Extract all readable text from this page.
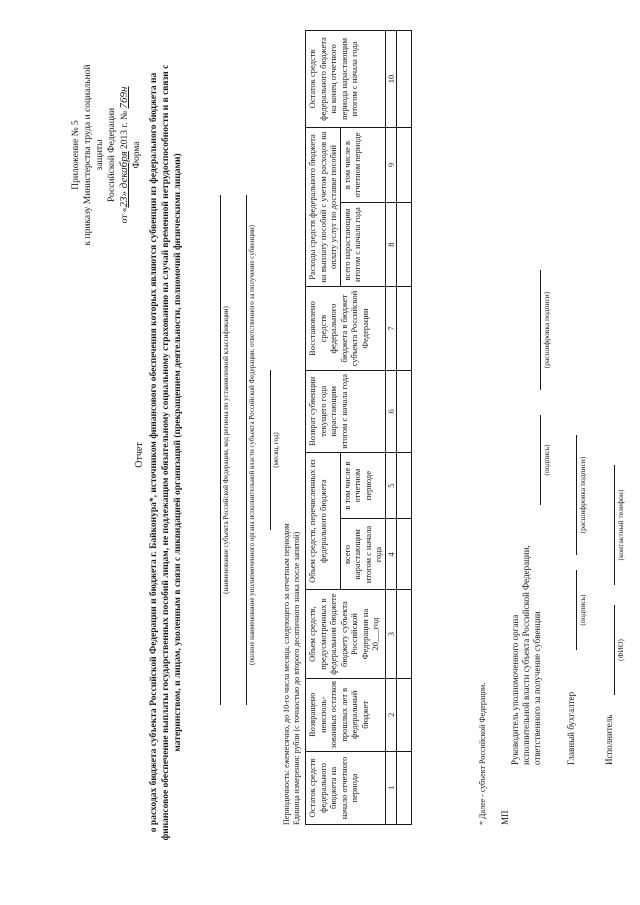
Приложение № 5 к приказу Министерства труда и социальной защиты Российской Федерации
от «23» декабря 2013 г. № 769н
Форма
Отчет о расходах бюджета субъекта Российской Федерации и бюджета г. Байконура*, источником финансового обеспечения которых являются субвенции из федерального бюджета на финансовое обеспечение выплаты государственных пособий лицам, не подлежащим обязательному социальному страхованию на случай временной нетрудоспособности и в связи с материнством, и лицам, уволенным в связи с ликвидацией организаций (прекращением деятельности, полномочий физическими лицами)	(полное наименование уполномоченного органа исполнительной власти субъекта Российской Федерации, ответственного за получение субвенции)
(наименование субъекта Российской Федерации, код региона по установленной классификации)	(месяц, год)
Периодичность: ежемесячно, до 10-го числа месяца, следующего за отчетным периодом Единица измерения: рубли (с точностью до второго десятичного знака после запятой) Остаток средств федерального бюджета на начало отчетного периода	Возвращено неисполь-зованных остатков прошлых лет в федеральный бюджет	Объем средств, предусмотренных в федеральном бюджете бюджету субъекта Российской Федерации на 20___год	Объем средств, перечисленных из федерального бюджета		Возврат субвенции текущего года нарастающим итогом с начала года	Восстановлено средств федерального бюджета в бюджет субъекта Российской Федерации	Расходы средств федерального бюджета на выплату пособий с учетом расходов на оплату услуг по доставке пособий		Остаток средств федерального бюджета на конец отчетного периода нарастающим итогом с начала года
			всего нарастающим итогом с начала года	в том числе в отчетном периоде			всего нарастающим итогом с начала года	в том числе в отчетном периоде	
1	2	3	4	5	6	7	8	9	10

* Далее - субъект Российской Федерации. МП
Руководитель уполномоченного органа исполнительной власти субъекта Российской Федерации, ответственного за получение субвенции
(подпись)
(расшифровка подписи)
Главный бухгалтер
(подпись)
(расшифровка подписи)
Исполнитель
(ФИО)
(контактный телефон)
